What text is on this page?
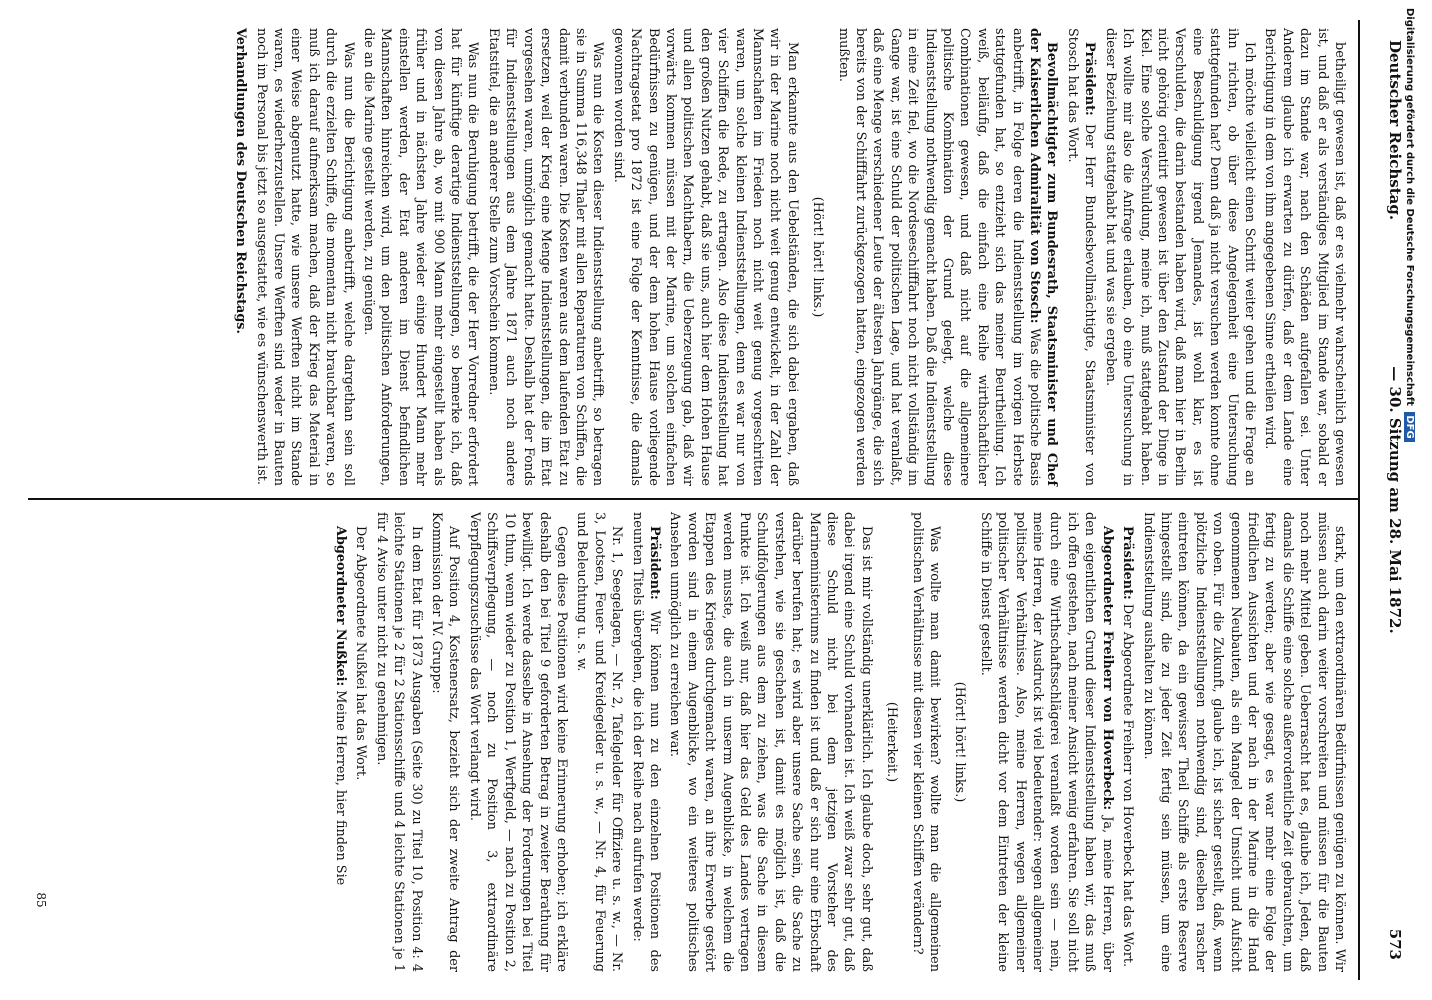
Deutscher Reichstag.
— 30. Sitzung am 28. Mai 1872.
573

betheiligt gewesen ist, daß er es vielmehr wahrscheinlich gewesen ist, und daß er als verständiges Mitglied im Stande war, sobald er dazu im Stande war, nach den Schäden aufgefallen sei. Unter Anderem glaube ich erwarten zu dürfen, daß er dem Lande eine Berichtigung in dem von ihm angegebenen Sinne ertheilen wird.

Ich möchte vielleicht einen Schritt weiter gehen und die Frage an ihn richten, ob über diese Angelegenheit eine Untersuchung stattgefunden hat? Denn daß ja nicht versuchen werden konnte ohne eine Beschuldigung irgend Jemandes, ist wohl klar, es ist Verschulden, die darin bestanden haben wird, daß man hier in Berlin nicht gehörig orientirt gewesen ist über den Zustand der Dinge in Kiel. Eine solche Verschuldung, meine ich, muß stattgehabt haben. Ich wollte mir also die Anfrage erlauben, ob eine Untersuchung in dieser Beziehung stattgehabt hat und was sie ergeben.

Präsident: Der Herr Bundesbevollmächtigte, Staatsminister von Stosch hat das Wort.

Bevollmächtigter zum Bundesrath, Staatsminister und Chef der Kaiserlichen Admiralität von Stosch: Was die politische Basis anbetrifft, in Folge deren die Indienststellung im vorigen Herbste stattgefunden hat, so entzieht sich das meiner Beurtheilung. Ich weiß, beiläufig, daß die einfach eine Reihe wirthschaftlicher Combinationen gewesen, und daß nicht auf die allgemeinere politische Kombination der Grund gelegt, welche diese Indienststellung nothwendig gemacht haben. Daß die Indienststellung in eine Zeit fiel, wo die Nordseeschifffahrt noch nicht vollständig im Gange war, ist eine Schuld der politischen Lage, und hat veranlaßt, daß eine Menge verschiedener Leute der ältesten Jahrgänge, die sich bereits von der Schifffahrt zurückgezogen hatten, eingezogen werden mußten.

(Hört! hört! links.)

Man erkannte aus den Uebelständen, die sich dabei ergaben, daß wir in der Marine noch nicht weit genug entwickelt, in der Zahl der Mannschaften im Frieden noch nicht weit genug vorgeschritten waren, um solche kleinen Indienststellungen, denn es war nur von vier Schiffen die Rede, zu ertragen. Also diese Indienststellung hat den großen Nutzen gehabt, daß sie uns, auch hier dem Hohen Hause und allen politischen Machthabern, die Ueberzeugung gab, daß wir vorwärts kommen müssen mit der Marine, um solchen einfachen Bedürfnissen zu genügen, und der dem hohen Hause vorliegende Nachtragsetat pro 1872 ist eine Folge der Kenntnisse, die damals gewonnen worden sind.

Was nun die Kosten dieser Indienststellung anbetrifft, so betragen sie in Summa 116,348 Thaler mit allen Reparaturen von Schiffen, die damit verbunden waren. Die Kosten waren aus dem laufenden Etat zu ersetzen, weil der Krieg eine Menge Indienststellungen, die im Etat vorgesehen waren, unmöglich gemacht hatte. Deshalb hat der Fonds für Indienststellungen aus dem Jahre 1871 auch noch andere Etatstitel, die an anderer Stelle zum Vorschein kommen.

Was nun die Beruhigung betrifft, die der Herr Vorredner erfordert hat für künftige derartige Indienststellungen, so bemerke ich, daß von diesen Jahre ab, wo mit 900 Mann mehr eingestellt haben als früher und in nächsten Jahre wieder einige Hundert Mann mehr einstellen werden, der Etat anderen im Dienst befindlichen Mannschaften hinreichen wird, um den politischen Anforderungen, die an die Marine gestellt werden, zu genügen.

Was nun die Berichtigung anbetrifft, welche dargethan sein soll durch die erzielten Schiffe, die momentan nicht brauchbar waren, so muß ich darauf aufmerksam machen, daß der Krieg das Material in einer Weise abgenutzt hatte, wie unsere Werften nicht im Stande waren, es wiederherzustellen. Unsere Werften sind weder in Bauten noch im Personal bis jetzt so ausgestattet, wie es wünschenswerth ist.

Verhandlungen des Deutschen Reichstags.

stark, um den extraordinären Bedürfnissen genügen zu können. Wir müssen auch darin weiter vorschreiten und müssen für die Bauten noch mehr Mittel geben. Ueberrascht hat es, glaube ich, Jeden, daß damals die Schiffe eine solche außerordentliche Zeit gebrauchten, um fertig zu werden; aber wie gesagt, es war mehr eine Folge der friedlichen Aussichten und der nach in der Marine in die Hand genommenen Neubauten, als ein Mangel der Umsicht und Aufsicht von oben. Für die Zukunft, glaube ich, ist sicher gestellt, daß, wenn plötzliche Indienststellungen nothwendig sind, dieselben rascher eintreten können, da ein gewisser Theil Schiffe als erste Reserve hingestellt sind, die zu jeder Zeit fertig sein müssen, um eine Indienststellung aushalten zu können.

Präsident: Der Abgeordnete Freiherr von Hoverbeck hat das Wort.

Abgeordneter Freiherr von Hoverbeck: Ja, meine Herren, über den eigentlichen Grund dieser Indienststellung haben wir, das muß ich offen gestehen, nach meiner Ansicht wenig erfahren. Sie soll nicht durch eine Wirthschaftsschlägerei veranlaßt worden sein — nein, meine Herren, der Ausdruck ist viel bedeutender: wegen allgemeiner politischer Verhältnisse. Also, meine Herren, wegen allgemeiner politischer Verhältnisse werden dicht vor dem Eintreten der kleine Schiffe in Dienst gestellt.

(Hört! hört! links.)

Was wollte man damit bewirken? wollte man die allgemeinen politischen Verhältnisse mit diesen vier kleinen Schiffen verändern?

(Heiterkeit.)

Das ist mir vollständig unerklärlich. Ich glaube doch, sehr gut, daß dabei irgend eine Schuld vorhanden ist. Ich weiß zwar sehr gut, daß diese Schuld nicht bei dem jetzigen Vorsteher des Marineministeriums zu finden ist und daß er sich nur eine Erbschaft darüber berufen hat; es wird aber unsere Sache sein, die Sache zu verstehen, wie sie geschehen ist, damit es möglich ist, daß die Schuldfolgerungen aus dem zu ziehen, was die Sache in diesem Punkte ist. Ich weiß nur, daß hier das Geld des Landes vertragen werden musste, die auch in unserm Augenblicke, in welchem die Etappen des Krieges durchgemacht waren, an ihre Erwerbe gestört worden sind in einem Augenblicke, wo ein weiteres politisches Ansehen unmöglich zu erreichen war.

Präsident: Wir können nun zu den einzelnen Positionen des neunten Titels übergehen, die ich der Reihe nach aufrufen werde:

Nr. 1, Seegelagen, — Nr. 2, Tafelgelder für Offiziere u. s. w., — Nr. 3, Lootsen, Feuer- und Kreidegelder u. s. w., — Nr. 4, für Feuerung und Beleuchtung u. s. w.

Gegen diese Positionen wird keine Erinnerung erhoben; ich erkläre deshalb den bei Titel 9 geforderten Betrag in zweiter Berathung für bewilligt. Ich werde dasselbe in Ansehung der Forderungen bei Titel 10 thun, wenn wieder zu Position 1, Werftgeld, — nach zu Position 2, Schiffsverpflegung, — noch zu Position 3, extraordinäre Verpflegungszuschüsse das Wort verlangt wird.

Auf Position 4, Kostenersatz, bezieht sich der zweite Antrag der Kommission der IV. Gruppe:

In dem Etat für 1873 Ausgaben (Seite 30) zu Titel 10, Position 4: 4 leichte Stationen je 2 für 2 Stationsschiffe und 4 leichte Stationen je 1 für 4 Aviso unter nicht zu genehmigen.

Der Abgeordnete Nußkei hat das Wort.

Abgeordneter Nußkei: Meine Herren, hier finden Sie

85
Digitalisierung gefördert durch die Deutsche Forschungsgemeinschaft DFG
